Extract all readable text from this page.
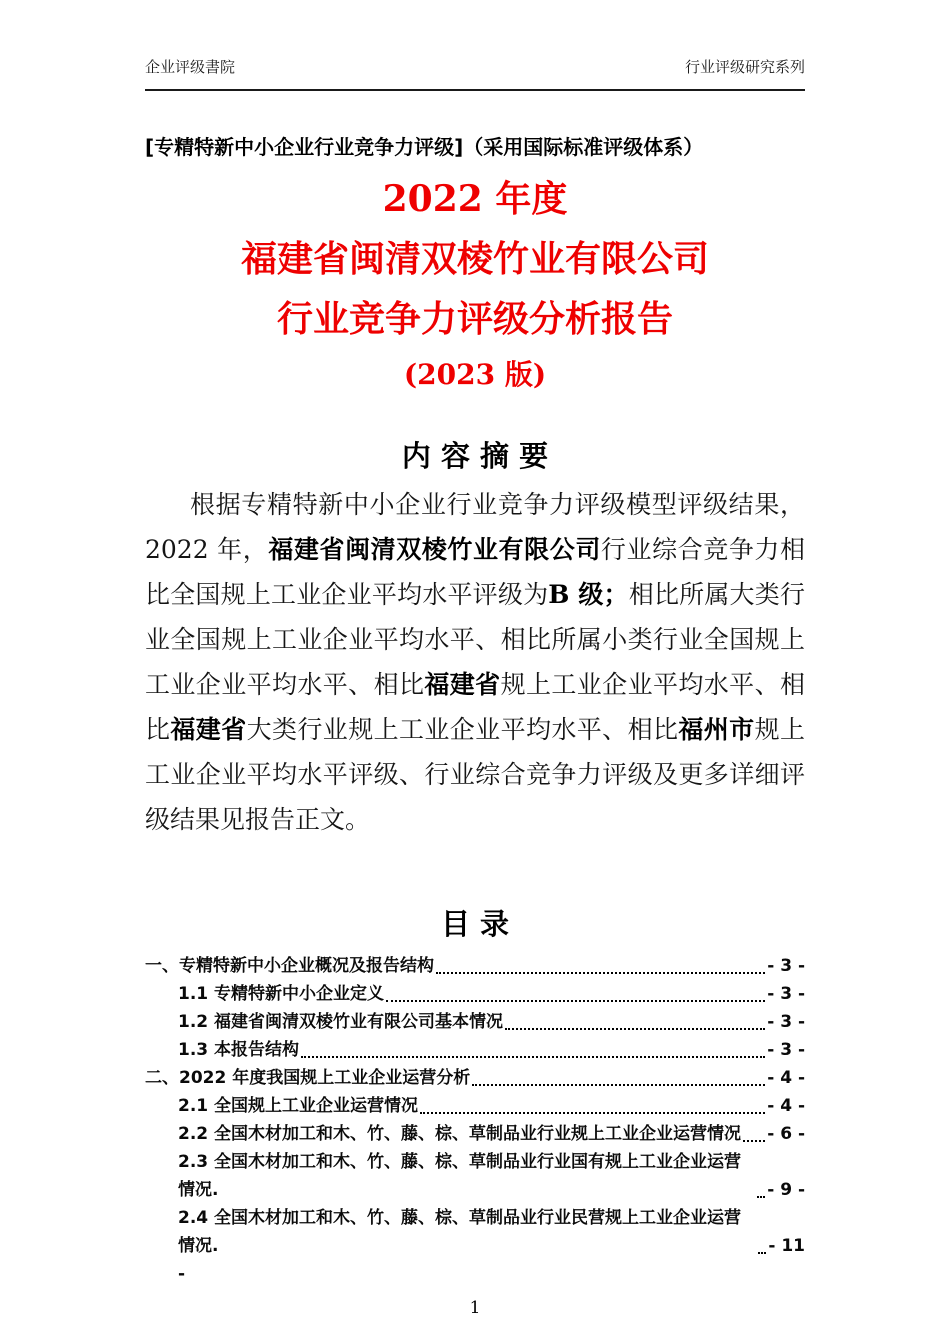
企业评级書院	行业评级研究系列
[专精特新中小企业行业竞争力评级]（采用国际标准评级体系）
2022 年度
福建省闽清双棱竹业有限公司
行业竞争力评级分析报告
(2023 版)
内 容 摘 要

根据专精特新中小企业行业竞争力评级模型评级结果，2022 年，福建省闽清双棱竹业有限公司行业综合竞争力相比全国规上工业企业平均水平评级为B 级；相比所属大类行业全国规上工业企业平均水平、相比所属小类行业全国规上工业企业平均水平、相比福建省规上工业企业平均水平、相比福建省大类行业规上工业企业平均水平、相比福州市规上工业企业平均水平评级、行业综合竞争力评级及更多详细评级结果见报告正文。

目 录
一、专精特新中小企业概况及报告结构	- 3 -
1.1 专精特新中小企业定义	- 3 -
1.2 福建省闽清双棱竹业有限公司基本情况	- 3 -
1.3 本报告结构	- 3 -
二、2022 年度我国规上工业企业运营分析	- 4 -
2.1 全国规上工业企业运营情况	- 4 -
2.2 全国木材加工和木、竹、藤、棕、草制品业行业规上工业企业运营情况 - 6 -
2.3 全国木材加工和木、竹、藤、棕、草制品业行业国有规上工业企业运营情况.	- 9 -
2.4 全国木材加工和木、竹、藤、棕、草制品业行业民营规上工业企业运营情况.	- 11
-
1
